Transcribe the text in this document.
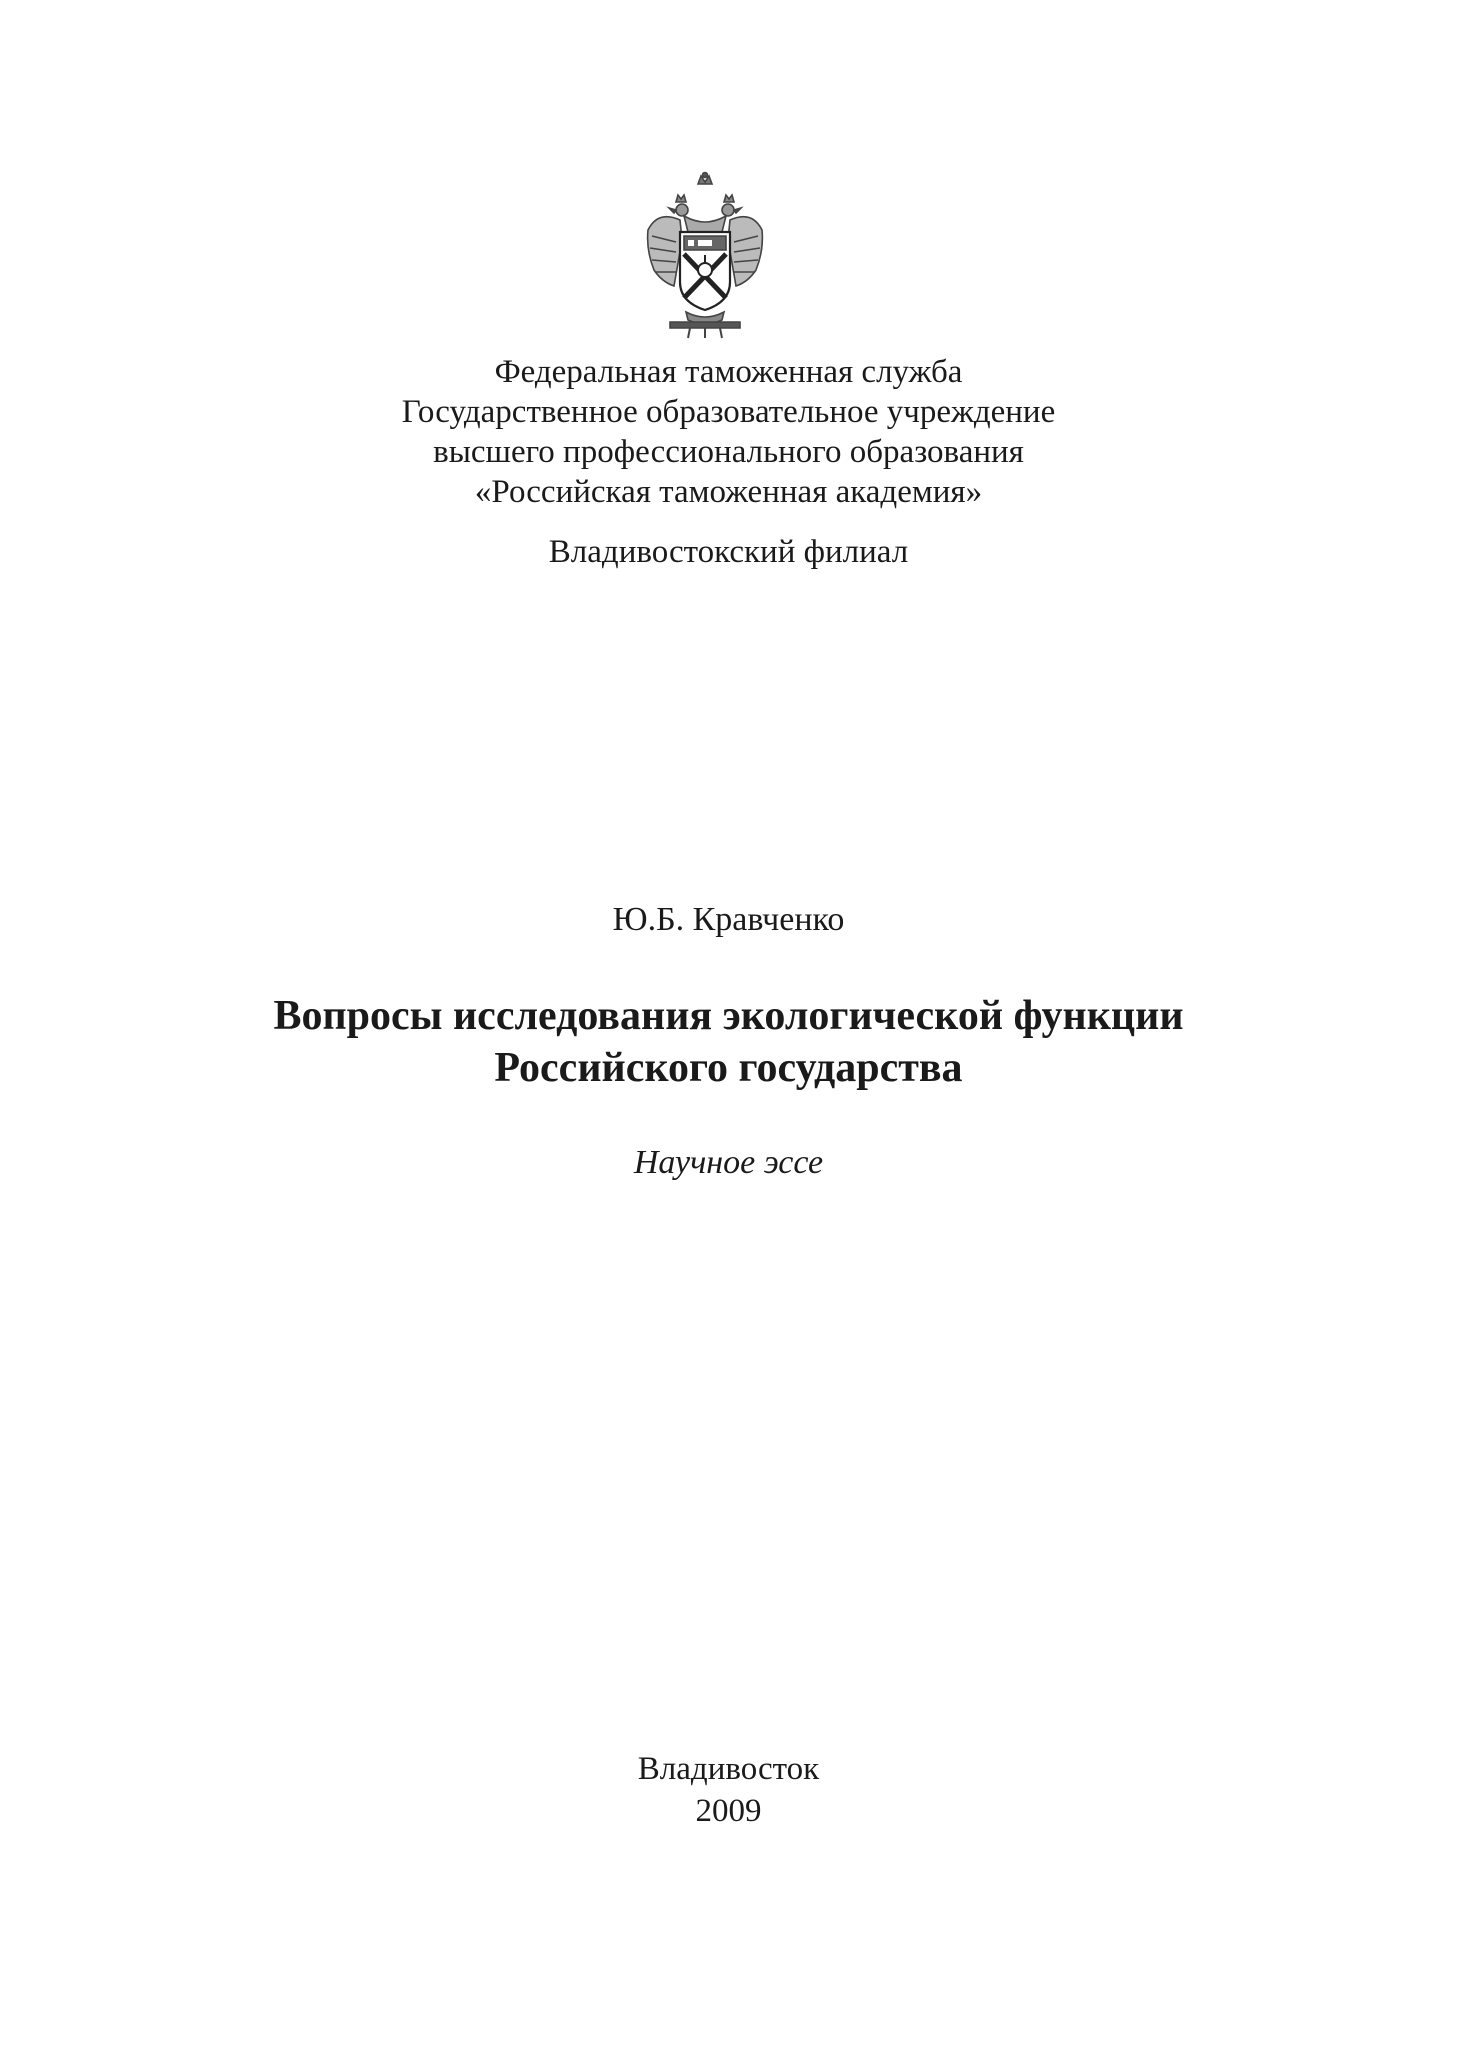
Федеральная таможенная служба
Государственное образовательное учреждение
высшего профессионального образования
«Российская таможенная академия»
Владивостокский филиал
Ю.Б. Кравченко
Вопросы исследования экологической функции
Российского государства
Научное эссе
Владивосток
2009
